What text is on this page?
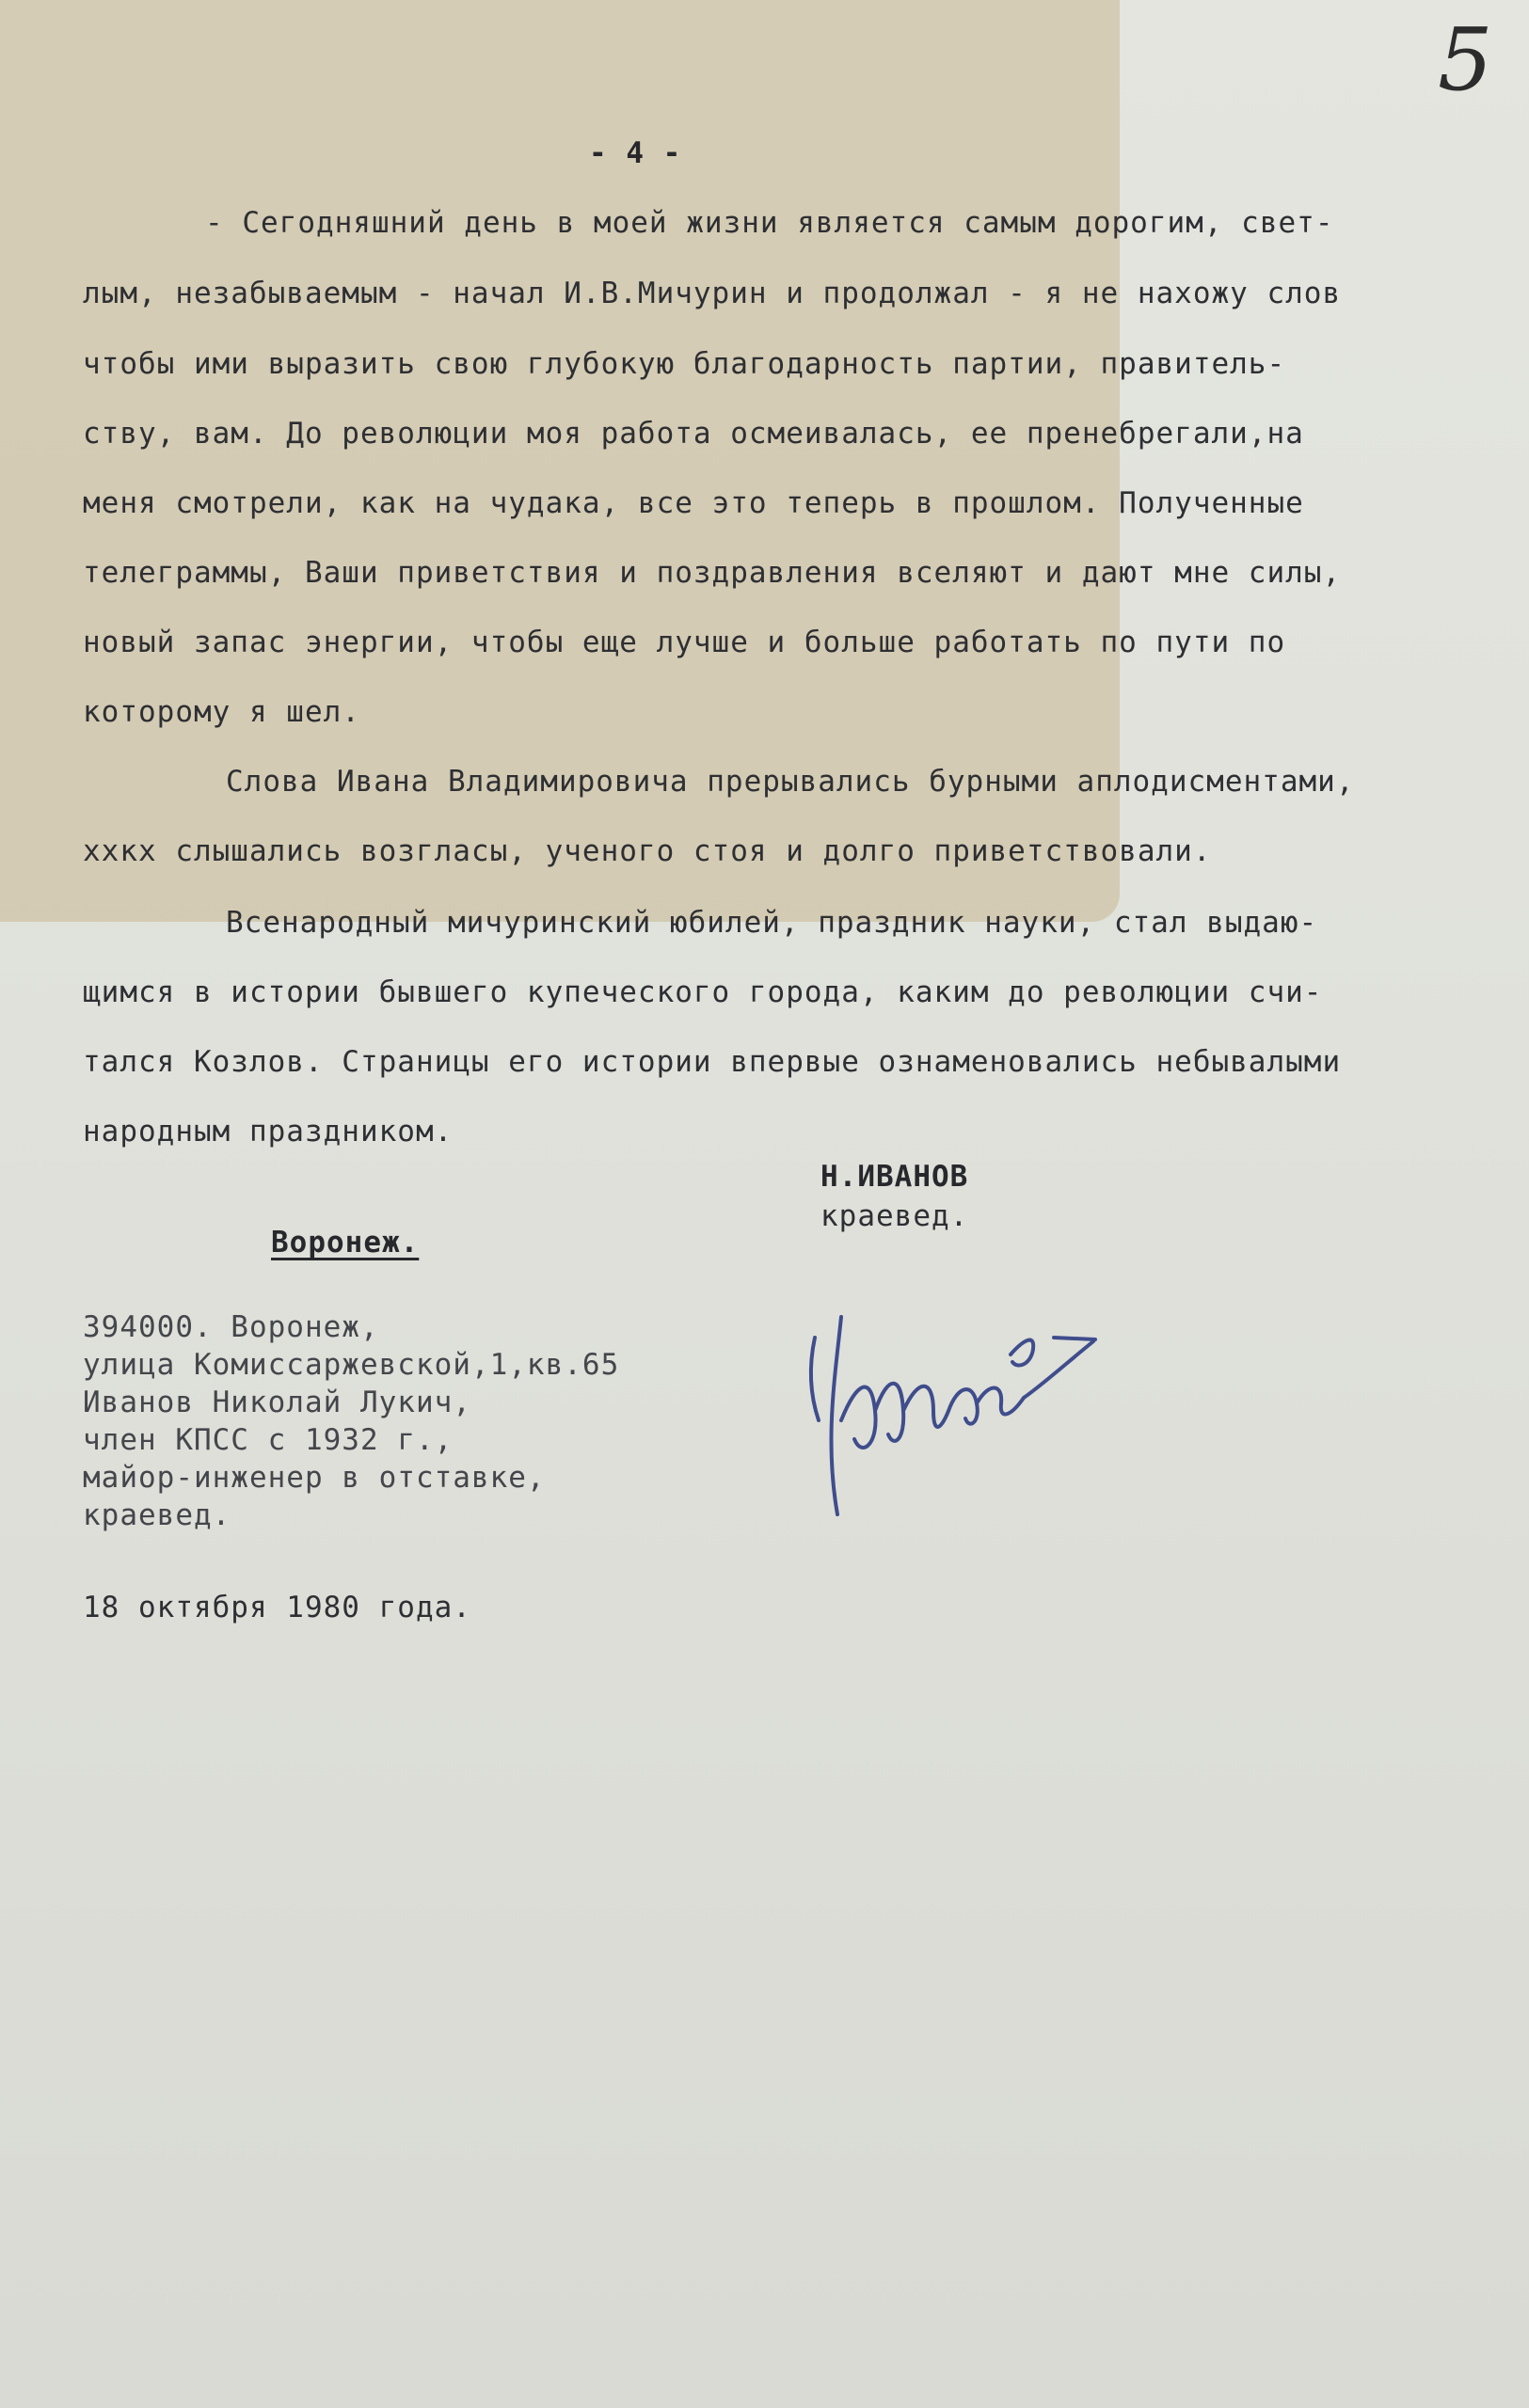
5
- 4 -
- Сегодняшний день в моей жизни является самым дорогим, свет-
лым, незабываемым - начал И.В.Мичурин и продолжал - я не нахожу слов
чтобы ими выразить свою глубокую благодарность партии, правитель-
ству, вам. До революции моя работа осмеивалась, ее пренебрегали,на
меня смотрели, как на чудака, все это теперь в прошлом. Полученные
телеграммы, Ваши приветствия и поздравления вселяют и дают мне силы,
новый запас энергии, чтобы еще лучше и больше работать по пути по
которому я шел.
Слова Ивана Владимировича прерывались бурными аплодисментами,
ххкх слышались возгласы, ученого стоя и долго приветствовали.
Всенародный мичуринский юбилей, праздник науки, стал выдаю-
щимся в истории бывшего купеческого города, каким до революции счи-
тался Козлов. Страницы его истории впервые ознаменовались небывалыми
народным праздником.
Н.ИВАНОВ
краевед.
Воронеж.
394000. Воронеж,
улица Комиссаржевской,1,кв.65
Иванов Николай Лукич,
член КПСС с 1932 г.,
майор-инженер в отставке,
краевед.
18 октября 1980 года.
